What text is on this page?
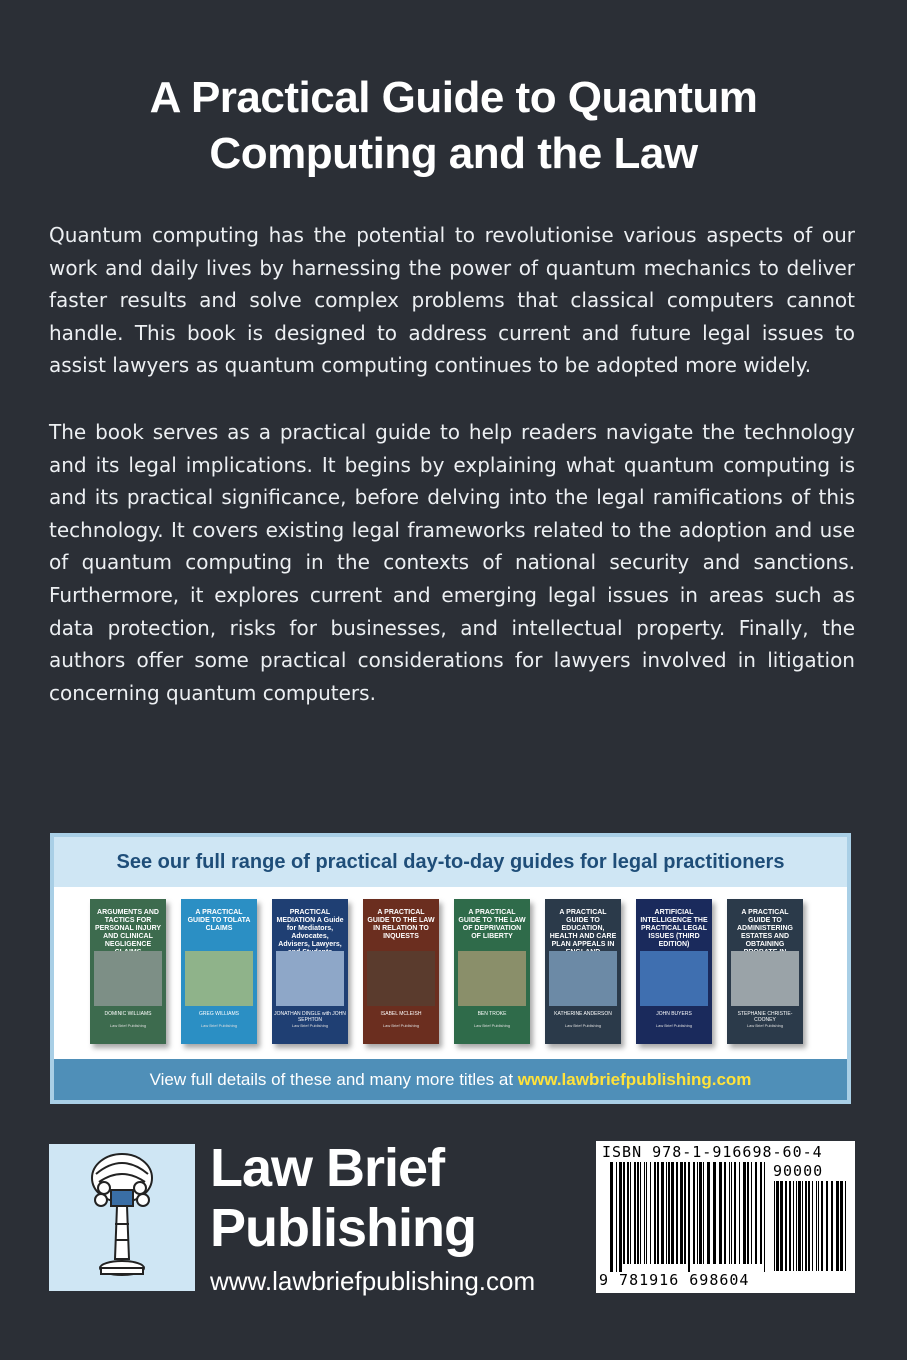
A Practical Guide to Quantum
Computing and the Law

Quantum computing has the potential to revolutionise various aspects of our work and daily lives by harnessing the power of quantum mechanics to deliver faster results and solve complex problems that classical computers cannot handle. This book is designed to address current and future legal issues to assist lawyers as quantum computing continues to be adopted more widely.

The book serves as a practical guide to help readers navigate the technology and its legal implications. It begins by explaining what quantum computing is and its practical significance, before delving into the legal ramifications of this technology. It covers existing legal frameworks related to the adoption and use of quantum computing in the contexts of national security and sanctions. Furthermore, it explores current and emerging legal issues in areas such as data protection, risks for businesses, and intellectual property. Finally, the authors offer some practical considerations for lawyers involved in litigation concerning quantum computers.

See our full range of practical day-to-day guides for legal practitioners
ARGUMENTS AND TACTICS FOR PERSONAL INJURY AND CLINICAL NEGLIGENCE
DOMINIC WILLIAMS
Law Brief Publishing
A PRACTICAL GUIDE TO TOLATA CLAIMS
GREG WILLIAMS
Law Brief Publishing
PRACTICAL MEDIATION A Guide for Mediators, Advocates, Advisers, Lawyers,
JONATHAN DINGLE with JOHN SEPHTON
Law Brief Publishing
A PRACTICAL GUIDE TO THE LAW IN RELATION TO INQUESTS
ISABEL MCLEISH
Law Brief Publishing
A PRACTICAL GUIDE TO THE LAW OF DEPRIVATION OF LIBERTY
BEN TROKE
Law Brief Publishing
A PRACTICAL GUIDE TO EDUCATION, HEALTH AND CARE PLAN APPEALS IN
KATHERINE ANDERSON
Law Brief Publishing
ARTIFICIAL INTELLIGENCE THE PRACTICAL LEGAL ISSUES (THIRD EDITION)
JOHN BUYERS
Law Brief Publishing
A PRACTICAL GUIDE TO ADMINISTERING ESTATES AND OBTAINING
STEPHANIE CHRISTIE-COONEY
Law Brief Publishing
View full details of these and many more titles at www.lawbriefpublishing.com
Law Brief
Publishing
www.lawbriefpublishing.com
ISBN 978-1-916698-60-4
90000
9 781916 698604
